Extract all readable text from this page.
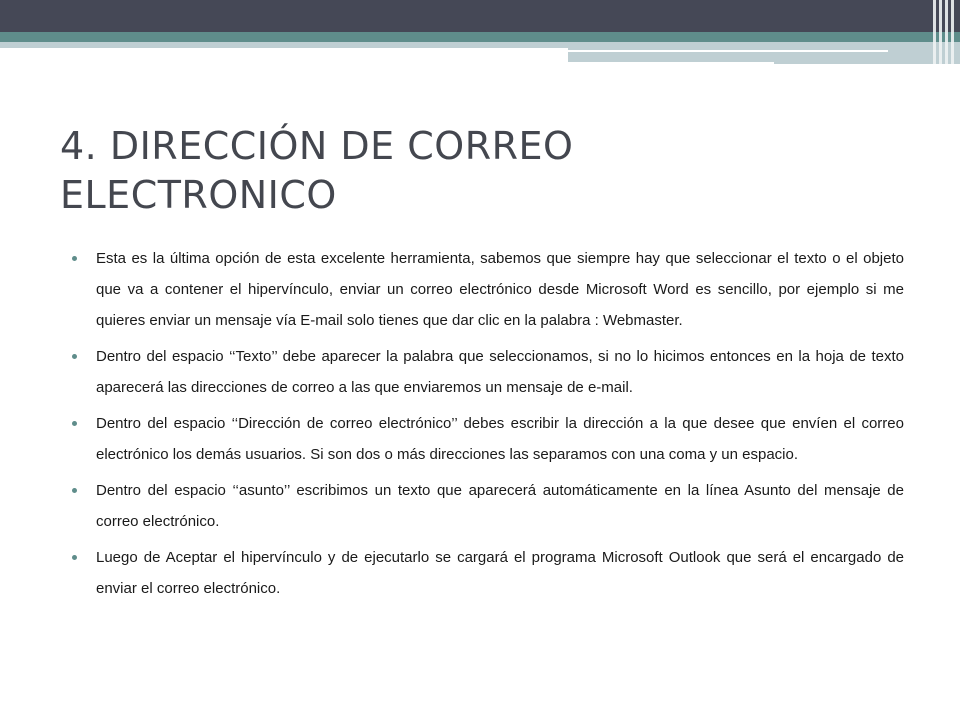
4. DIRECCIÓN DE CORREO
ELECTRONICO
Esta es la última opción de esta excelente herramienta, sabemos que siempre hay que seleccionar el texto o el objeto que va a contener el hipervínculo, enviar un correo electrónico desde Microsoft Word es sencillo, por ejemplo si me quieres enviar un mensaje vía E-mail solo tienes que dar clic en la palabra : Webmaster.
Dentro del espacio ‘‘Texto’’ debe aparecer la palabra que seleccionamos, si no lo hicimos entonces en la hoja de texto aparecerá las direcciones de correo a las que enviaremos un mensaje de e-mail.
Dentro del espacio ‘‘Dirección de correo electrónico’’ debes escribir la dirección a la que desee que envíen el correo electrónico los demás usuarios. Si son dos o más direcciones las separamos con una coma y un espacio.
Dentro del espacio ‘‘asunto’’ escribimos un texto que aparecerá automáticamente en la línea Asunto del mensaje de correo electrónico.
Luego de Aceptar el hipervínculo y de ejecutarlo se cargará el programa Microsoft Outlook que será el encargado de enviar el correo electrónico.
